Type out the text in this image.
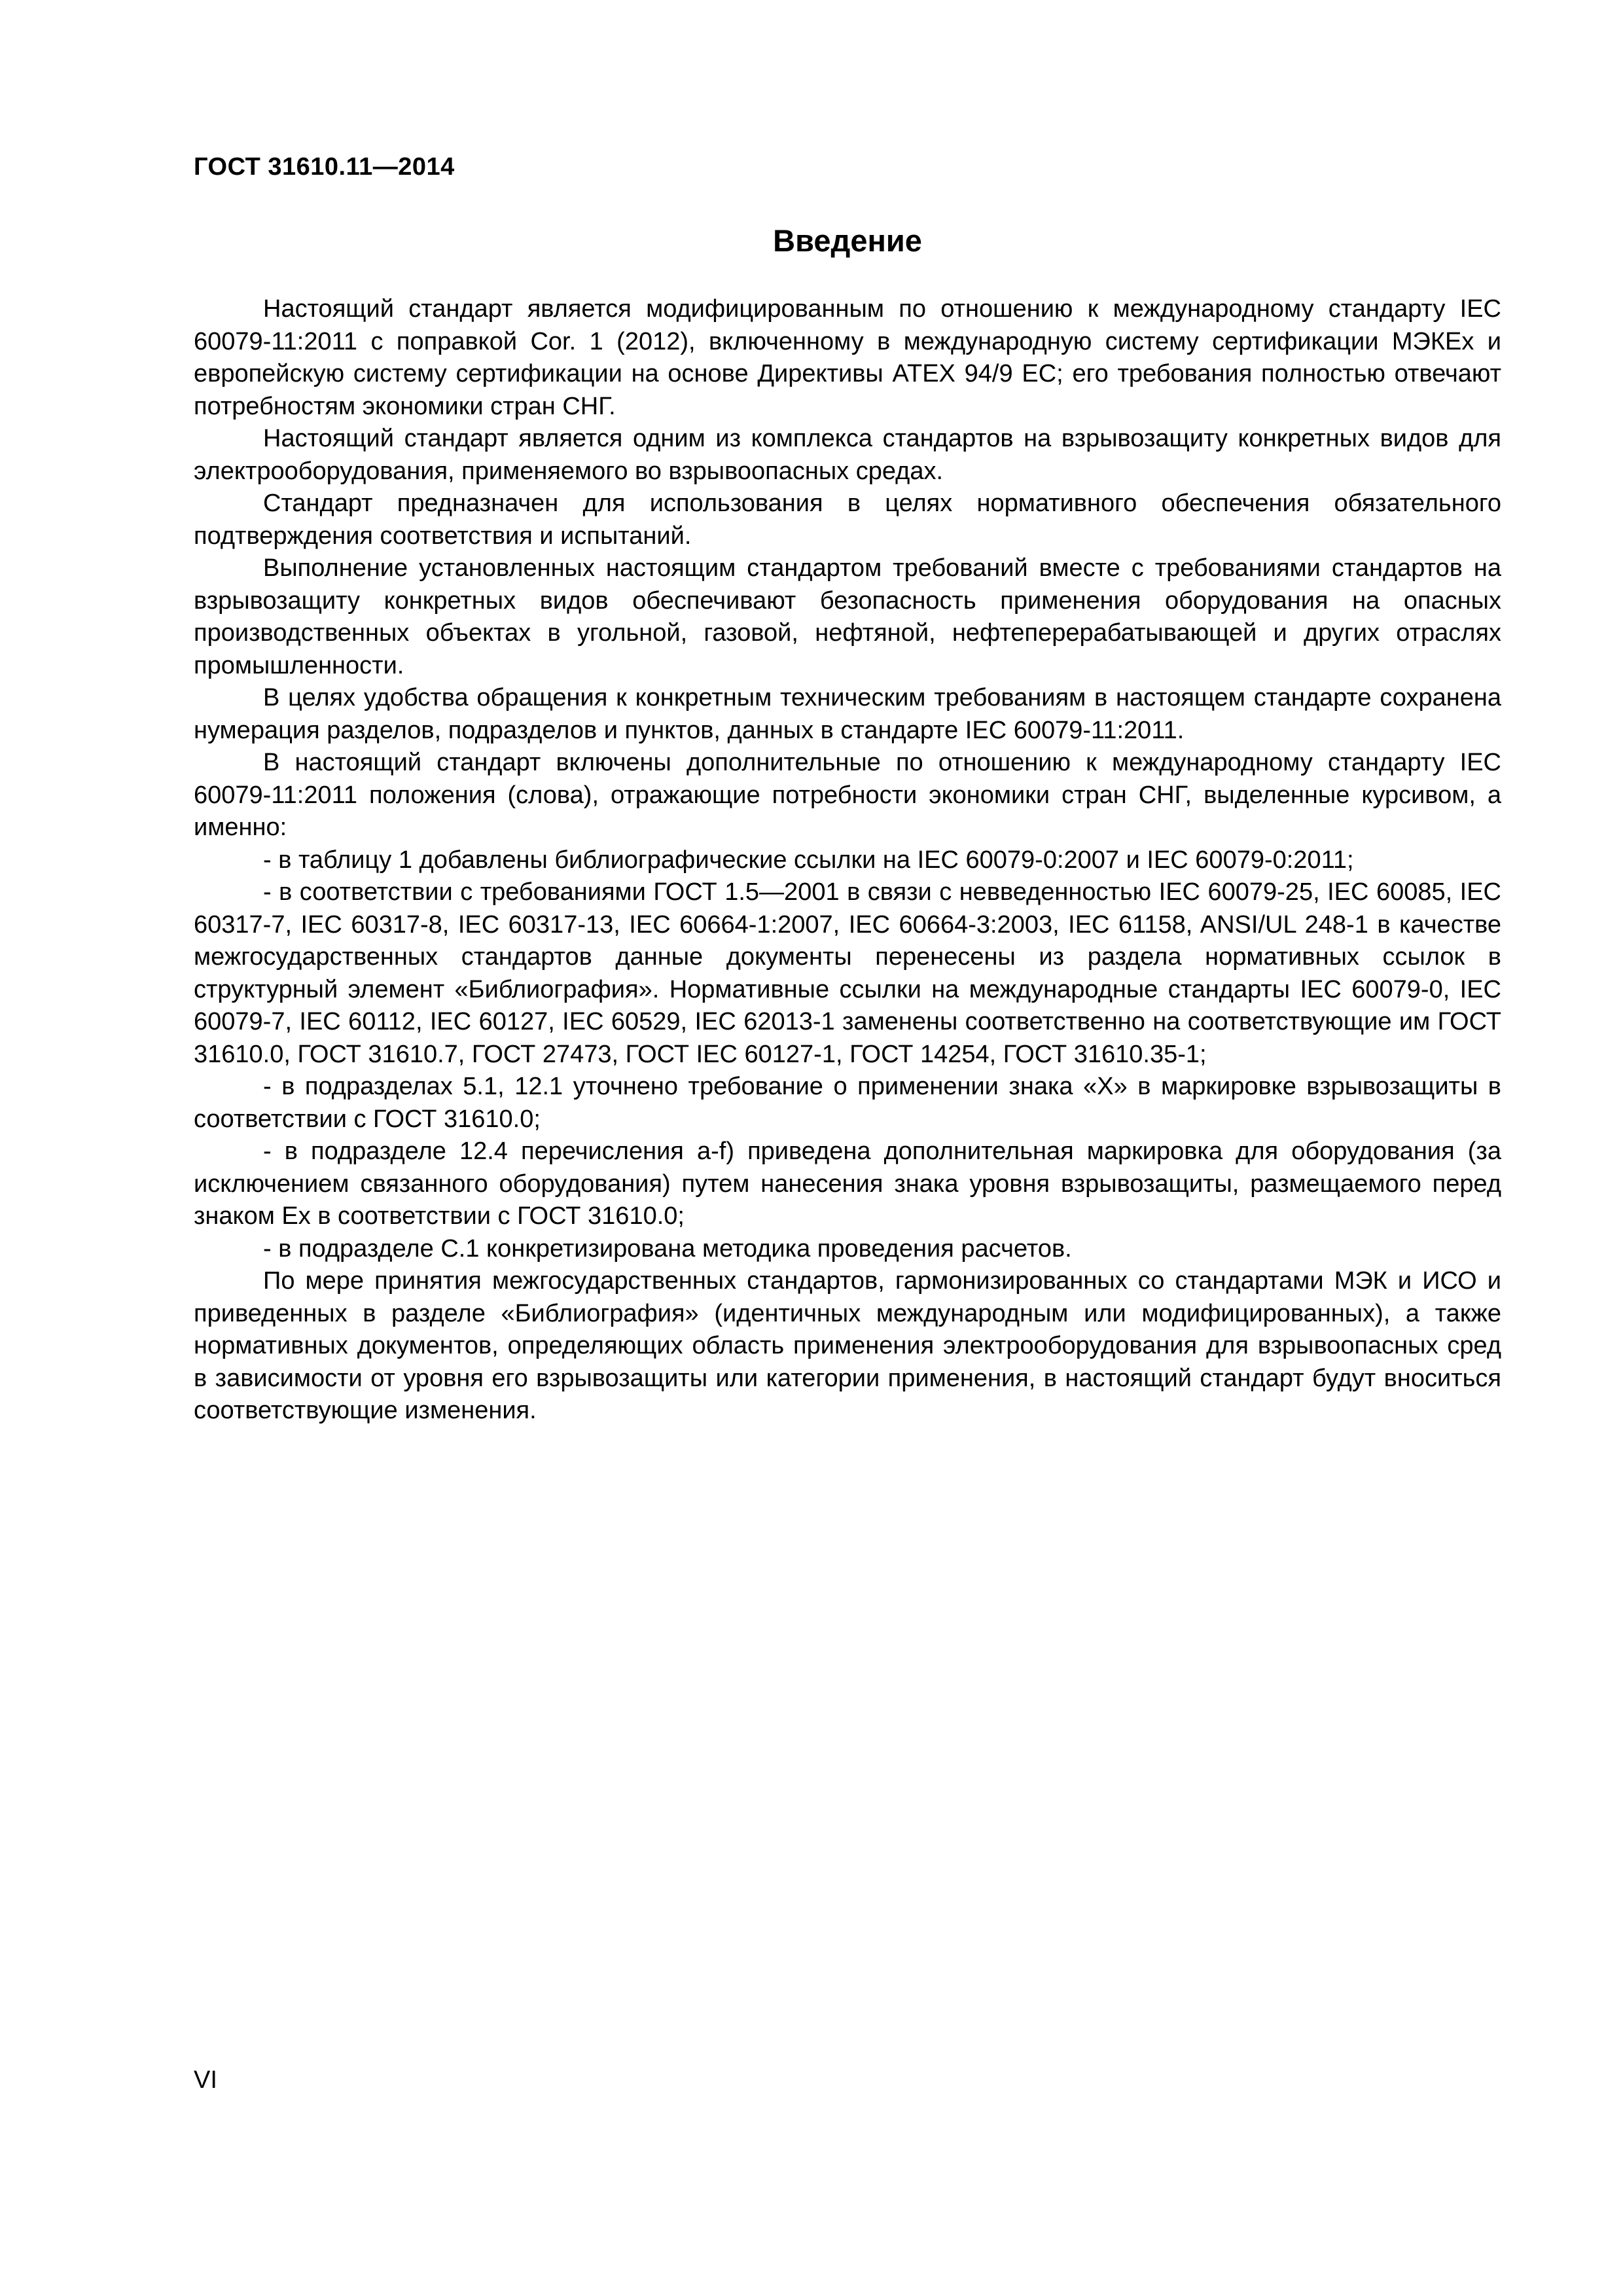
ГОСТ 31610.11—2014
Введение

Настоящий стандарт является модифицированным по отношению к международному стандарту IEC 60079-11:2011 с поправкой Cor. 1 (2012), включенному в международную систему сертификации МЭКЕх и европейскую систему сертификации на основе Директивы ATEX 94/9 EC; его требования полностью отвечают потребностям экономики стран СНГ.

Настоящий стандарт является одним из комплекса стандартов на взрывозащиту конкретных видов для электрооборудования, применяемого во взрывоопасных средах.

Стандарт предназначен для использования в целях нормативного обеспечения обязательного подтверждения соответствия и испытаний.

Выполнение установленных настоящим стандартом требований вместе с требованиями стандартов на взрывозащиту конкретных видов обеспечивают безопасность применения оборудования на опасных производственных объектах в угольной, газовой, нефтяной, нефтеперерабатывающей и других отраслях промышленности.

В целях удобства обращения к конкретным техническим требованиям в настоящем стандарте сохранена нумерация разделов, подразделов и пунктов, данных в стандарте IEC 60079-11:2011.

В настоящий стандарт включены дополнительные по отношению к международному стандарту IEC 60079-11:2011 положения (слова), отражающие потребности экономики стран СНГ, выделенные курсивом, а именно:

- в таблицу 1 добавлены библиографические ссылки на IEC 60079-0:2007 и IEC 60079-0:2011;

- в соответствии с требованиями ГОСТ 1.5—2001 в связи с невведенностью IEC 60079-25, IEC 60085, IEC 60317-7, IEC 60317-8, IEC 60317-13, IEC 60664-1:2007, IEC 60664-3:2003, IEC 61158, ANSI/UL 248-1 в качестве межгосударственных стандартов данные документы перенесены из раздела нормативных ссылок в структурный элемент «Библиография». Нормативные ссылки на международные стандарты IEC 60079-0, IEC 60079-7, IEC 60112, IEC 60127, IEC 60529, IEC 62013-1 заменены соответственно на соответствующие им ГОСТ 31610.0, ГОСТ 31610.7, ГОСТ 27473, ГОСТ IEC 60127-1, ГОСТ 14254, ГОСТ 31610.35-1;

- в подразделах 5.1, 12.1 уточнено требование о применении знака «Х» в маркировке взрывозащиты в соответствии с ГОСТ 31610.0;

- в подразделе 12.4 перечисления a-f) приведена дополнительная маркировка для оборудования (за исключением связанного оборудования) путем нанесения знака уровня взрывозащиты, размещаемого перед знаком Ex в соответствии с ГОСТ 31610.0;

- в подразделе С.1 конкретизирована методика проведения расчетов.

По мере принятия межгосударственных стандартов, гармонизированных со стандартами МЭК и ИСО и приведенных в разделе «Библиография» (идентичных международным или модифицированных), а также нормативных документов, определяющих область применения электрооборудования для взрывоопасных сред в зависимости от уровня его взрывозащиты или категории применения, в настоящий стандарт будут вноситься соответствующие изменения.

VI
